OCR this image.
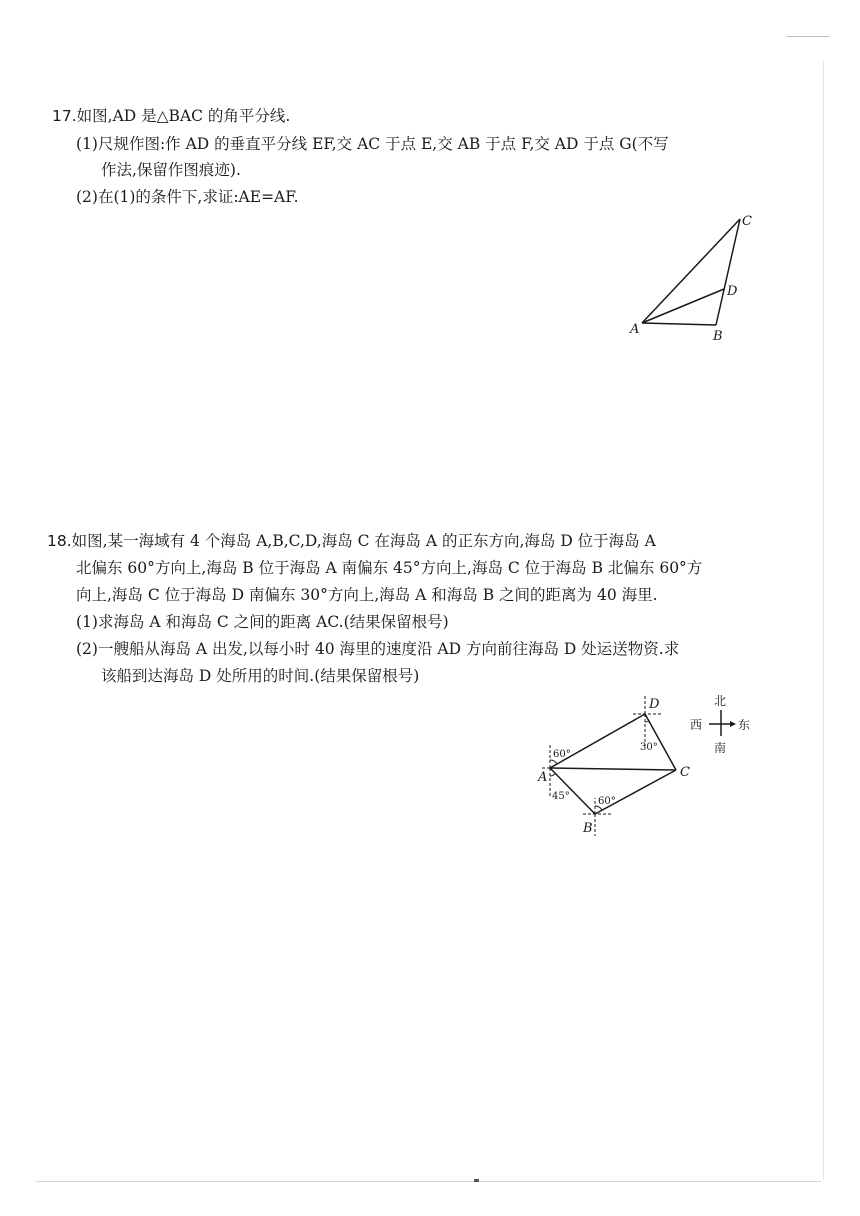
17.如图,AD 是△BAC 的角平分线.
(1)尺规作图:作 AD 的垂直平分线 EF,交 AC 于点 E,交 AB 于点 F,交 AD 于点 G(不写
作法,保留作图痕迹).
(2)在(1)的条件下,求证:AE=AF.
A	B
C
D
18.如图,某一海域有 4 个海岛 A,B,C,D,海岛 C 在海岛 A 的正东方向,海岛 D 位于海岛 A
北偏东 60°方向上,海岛 B 位于海岛 A 南偏东 45°方向上,海岛 C 位于海岛 B 北偏东 60°方
向上,海岛 C 位于海岛 D 南偏东 30°方向上,海岛 A 和海岛 B 之间的距离为 40 海里.
(1)求海岛 A 和海岛 C 之间的距离 AC.(结果保留根号)
(2)一艘船从海岛 A 出发,以每小时 40 海里的速度沿 AD 方向前往海岛 D 处运送物资.求
该船到达海岛 D 处所用的时间.(结果保留根号)
A
B
C
D
60°
45°
30°
60°
北
西	东
南
